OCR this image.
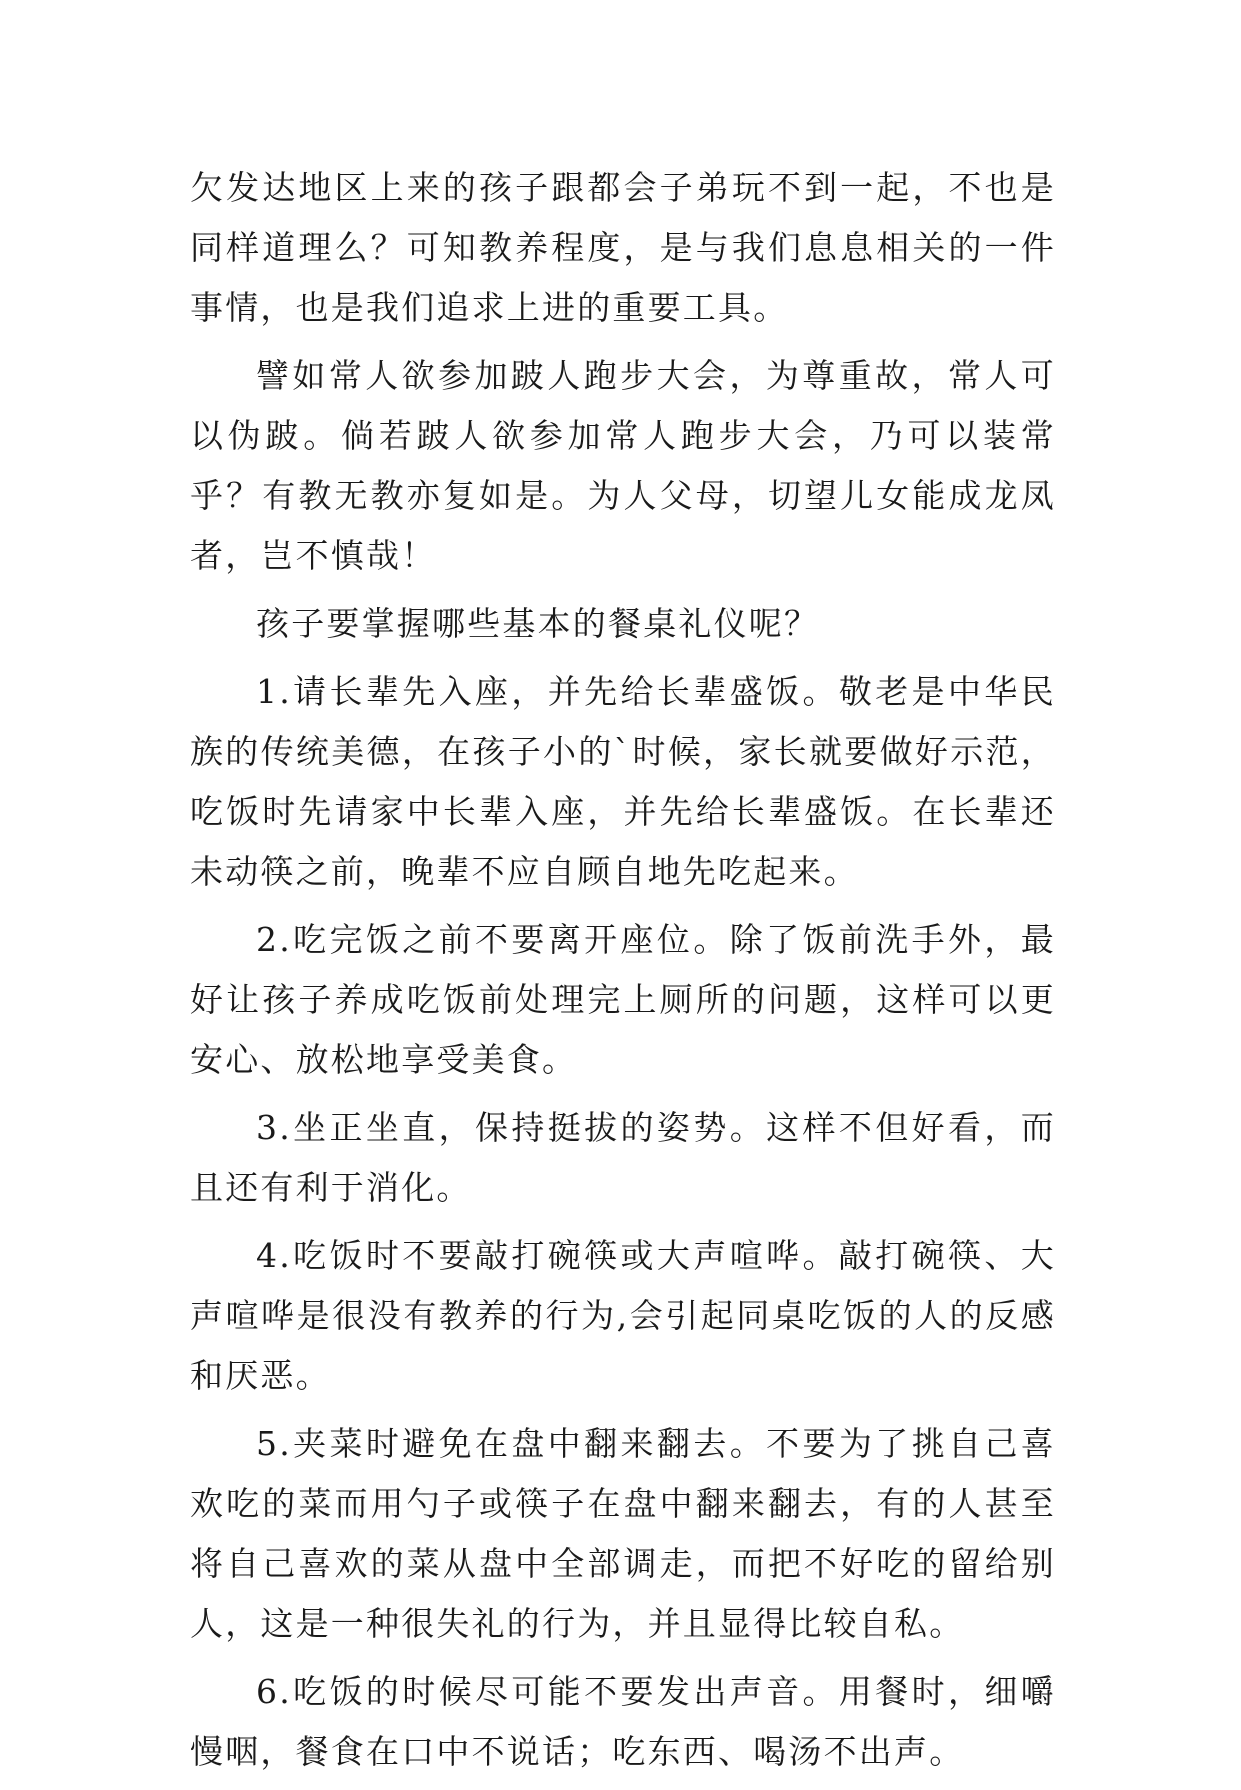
欠发达地区上来的孩子跟都会子弟玩不到一起，不也是同样道理么？可知教养程度，是与我们息息相关的一件事情，也是我们追求上进的重要工具。

譬如常人欲参加跛人跑步大会，为尊重故，常人可以伪跛。倘若跛人欲参加常人跑步大会，乃可以装常乎？有教无教亦复如是。为人父母，切望儿女能成龙凤者，岂不慎哉！

孩子要掌握哪些基本的餐桌礼仪呢？

1.请长辈先入座，并先给长辈盛饭。敬老是中华民族的传统美德，在孩子小的`时候，家长就要做好示范，吃饭时先请家中长辈入座，并先给长辈盛饭。在长辈还未动筷之前，晚辈不应自顾自地先吃起来。

2.吃完饭之前不要离开座位。除了饭前洗手外，最好让孩子养成吃饭前处理完上厕所的问题，这样可以更安心、放松地享受美食。

3.坐正坐直，保持挺拔的姿势。这样不但好看，而且还有利于消化。

4.吃饭时不要敲打碗筷或大声喧哗。敲打碗筷、大声喧哗是很没有教养的行为,会引起同桌吃饭的人的反感和厌恶。

5.夹菜时避免在盘中翻来翻去。不要为了挑自己喜欢吃的菜而用勺子或筷子在盘中翻来翻去，有的人甚至将自己喜欢的菜从盘中全部调走，而把不好吃的留给别人，这是一种很失礼的行为，并且显得比较自私。

6.吃饭的时候尽可能不要发出声音。用餐时，细嚼慢咽，餐食在口中不说话；吃东西、喝汤不出声。
